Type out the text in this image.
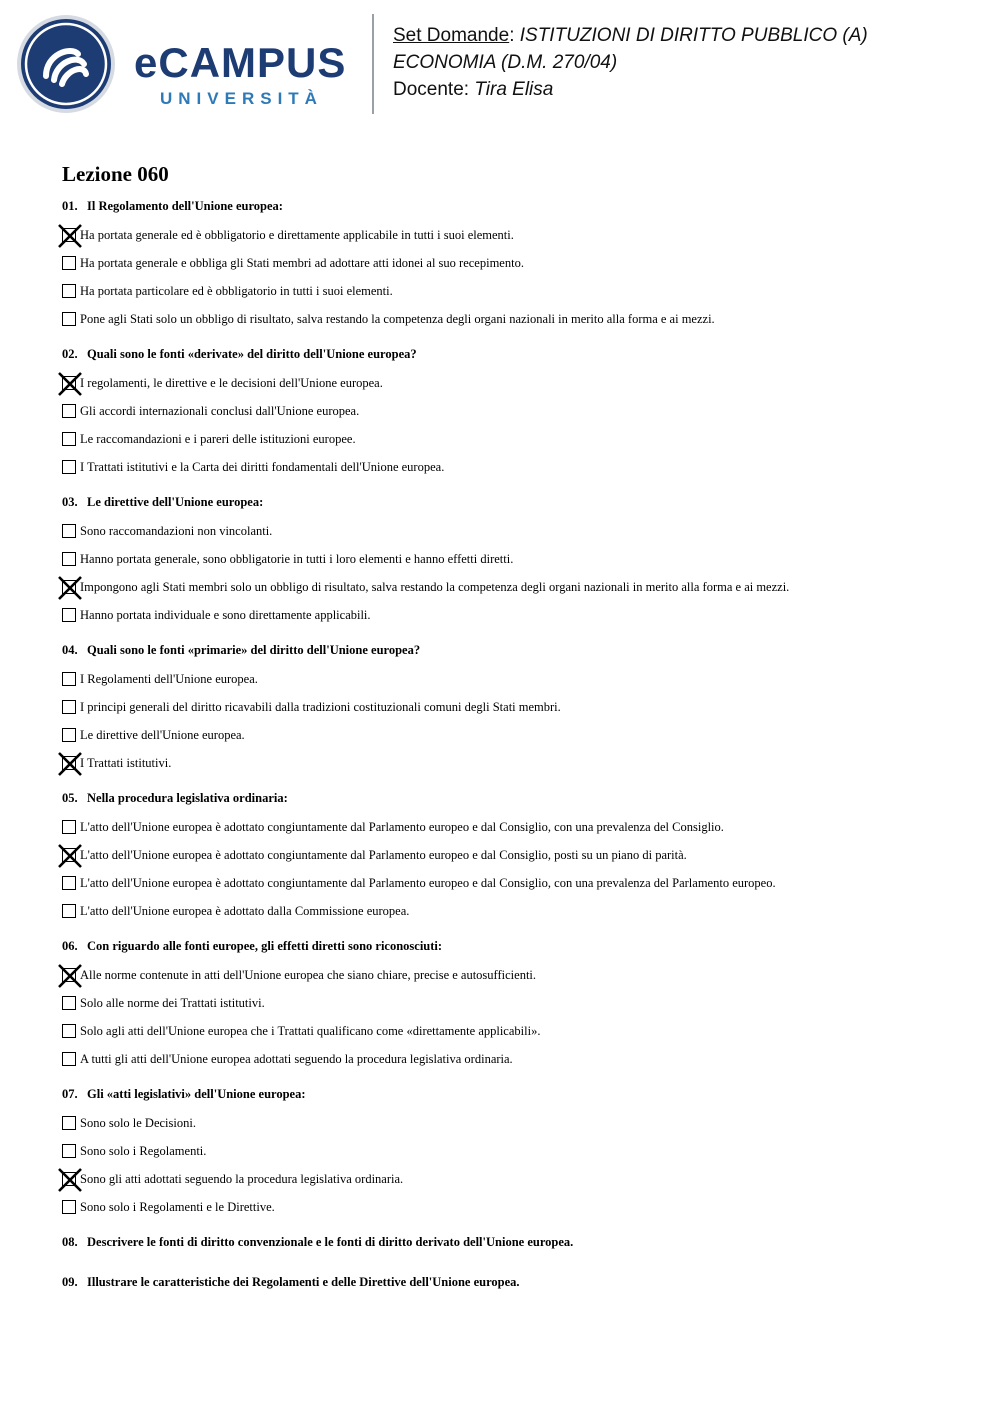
eCAMPUS
UNIVERSITÀ
Set Domande: ISTITUZIONI DI DIRITTO PUBBLICO (A)
ECONOMIA (D.M. 270/04)
Docente: Tira Elisa
Lezione 060
01. Il Regolamento dell'Unione europea:
Ha portata generale ed è obbligatorio e direttamente applicabile in tutti i suoi elementi.
Ha portata generale e obbliga gli Stati membri ad adottare atti idonei al suo recepimento.
Ha portata particolare ed è obbligatorio in tutti i suoi elementi.
Pone agli Stati solo un obbligo di risultato, salva restando la competenza degli organi nazionali in merito alla forma e ai mezzi.
02. Quali sono le fonti «derivate» del diritto dell'Unione europea?
I regolamenti, le direttive e le decisioni dell'Unione europea.
Gli accordi internazionali conclusi dall'Unione europea.
Le raccomandazioni e i pareri delle istituzioni europee.
I Trattati istitutivi e la Carta dei diritti fondamentali dell'Unione europea.
03. Le direttive dell'Unione europea:
Sono raccomandazioni non vincolanti.
Hanno portata generale, sono obbligatorie in tutti i loro elementi e hanno effetti diretti.
Impongono agli Stati membri solo un obbligo di risultato, salva restando la competenza degli organi nazionali in merito alla forma e ai mezzi.
Hanno portata individuale e sono direttamente applicabili.
04. Quali sono le fonti «primarie» del diritto dell'Unione europea?
I Regolamenti dell'Unione europea.
I principi generali del diritto ricavabili dalla tradizioni costituzionali comuni degli Stati membri.
Le direttive dell'Unione europea.
I Trattati istitutivi.
05. Nella procedura legislativa ordinaria:
L'atto dell'Unione europea è adottato congiuntamente dal Parlamento europeo e dal Consiglio, con una prevalenza del Consiglio.
L'atto dell'Unione europea è adottato congiuntamente dal Parlamento europeo e dal Consiglio, posti su un piano di parità.
L'atto dell'Unione europea è adottato congiuntamente dal Parlamento europeo e dal Consiglio, con una prevalenza del Parlamento europeo.
L'atto dell'Unione europea è adottato dalla Commissione europea.
06. Con riguardo alle fonti europee, gli effetti diretti sono riconosciuti:
Alle norme contenute in atti dell'Unione europea che siano chiare, precise e autosufficienti.
Solo alle norme dei Trattati istitutivi.
Solo agli atti dell'Unione europea che i Trattati qualificano come «direttamente applicabili».
A tutti gli atti dell'Unione europea adottati seguendo la procedura legislativa ordinaria.
07. Gli «atti legislativi» dell'Unione europea:
Sono solo le Decisioni.
Sono solo i Regolamenti.
Sono gli atti adottati seguendo la procedura legislativa ordinaria.
Sono solo i Regolamenti e le Direttive.
08. Descrivere le fonti di diritto convenzionale e le fonti di diritto derivato dell'Unione europea.
09. Illustrare le caratteristiche dei Regolamenti e delle Direttive dell'Unione europea.
